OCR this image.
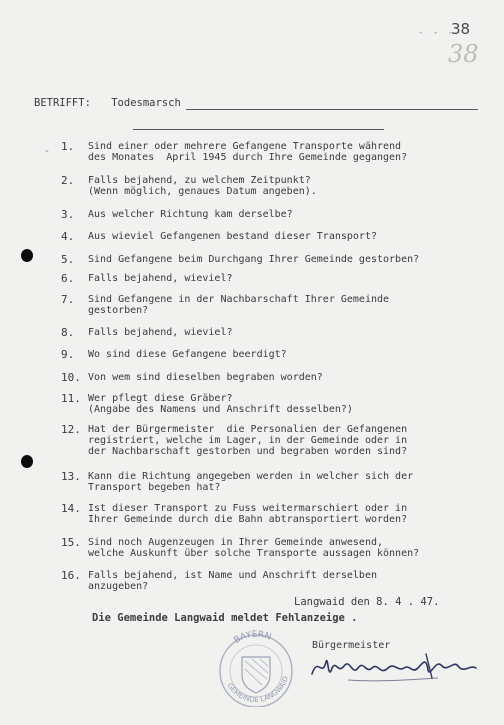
- - -
38
38
BETRIFFT: Todesmarsch
- 1. Sind einer oder mehrere Gefangene Transporte während
des Monates  April 1945 durch Ihre Gemeinde gegangen?
2. Falls bejahend, zu welchem Zeitpunkt?
(Wenn möglich, genaues Datum angeben).
3. Aus welcher Richtung kam derselbe?
4. Aus wieviel Gefangenen bestand dieser Transport?
5. Sind Gefangene beim Durchgang Ihrer Gemeinde gestorben?
6. Falls bejahend, wieviel?
7. Sind Gefangene in der Nachbarschaft Ihrer Gemeinde
gestorben?
8. Falls bejahend, wieviel?
9. Wo sind diese Gefangene beerdigt?
10. Von wem sind dieselben begraben worden?
11. Wer pflegt diese Gräber?
(Angabe des Namens und Anschrift desselben?)
12. Hat der Bürgermeister  die Personalien der Gefangenen
registriert, welche im Lager, in der Gemeinde oder in
der Nachbarschaft gestorben und begraben worden sind?
13. Kann die Richtung angegeben werden in welcher sich der
Transport begeben hat?
14. Ist dieser Transport zu Fuss weitermarschiert oder in
Ihrer Gemeinde durch die Bahn abtransportiert worden?
15. Sind noch Augenzeugen in Ihrer Gemeinde anwesend,
welche Auskunft über solche Transporte aussagen können?
16. Falls bejahend, ist Name und Anschrift derselben
anzugeben?
Langwaid den 8. 4 . 47.
Die Gemeinde Langwaid meldet Fehlanzeige .
BAYERN
GEMEINDE LANGWAID
Bürgermeister
